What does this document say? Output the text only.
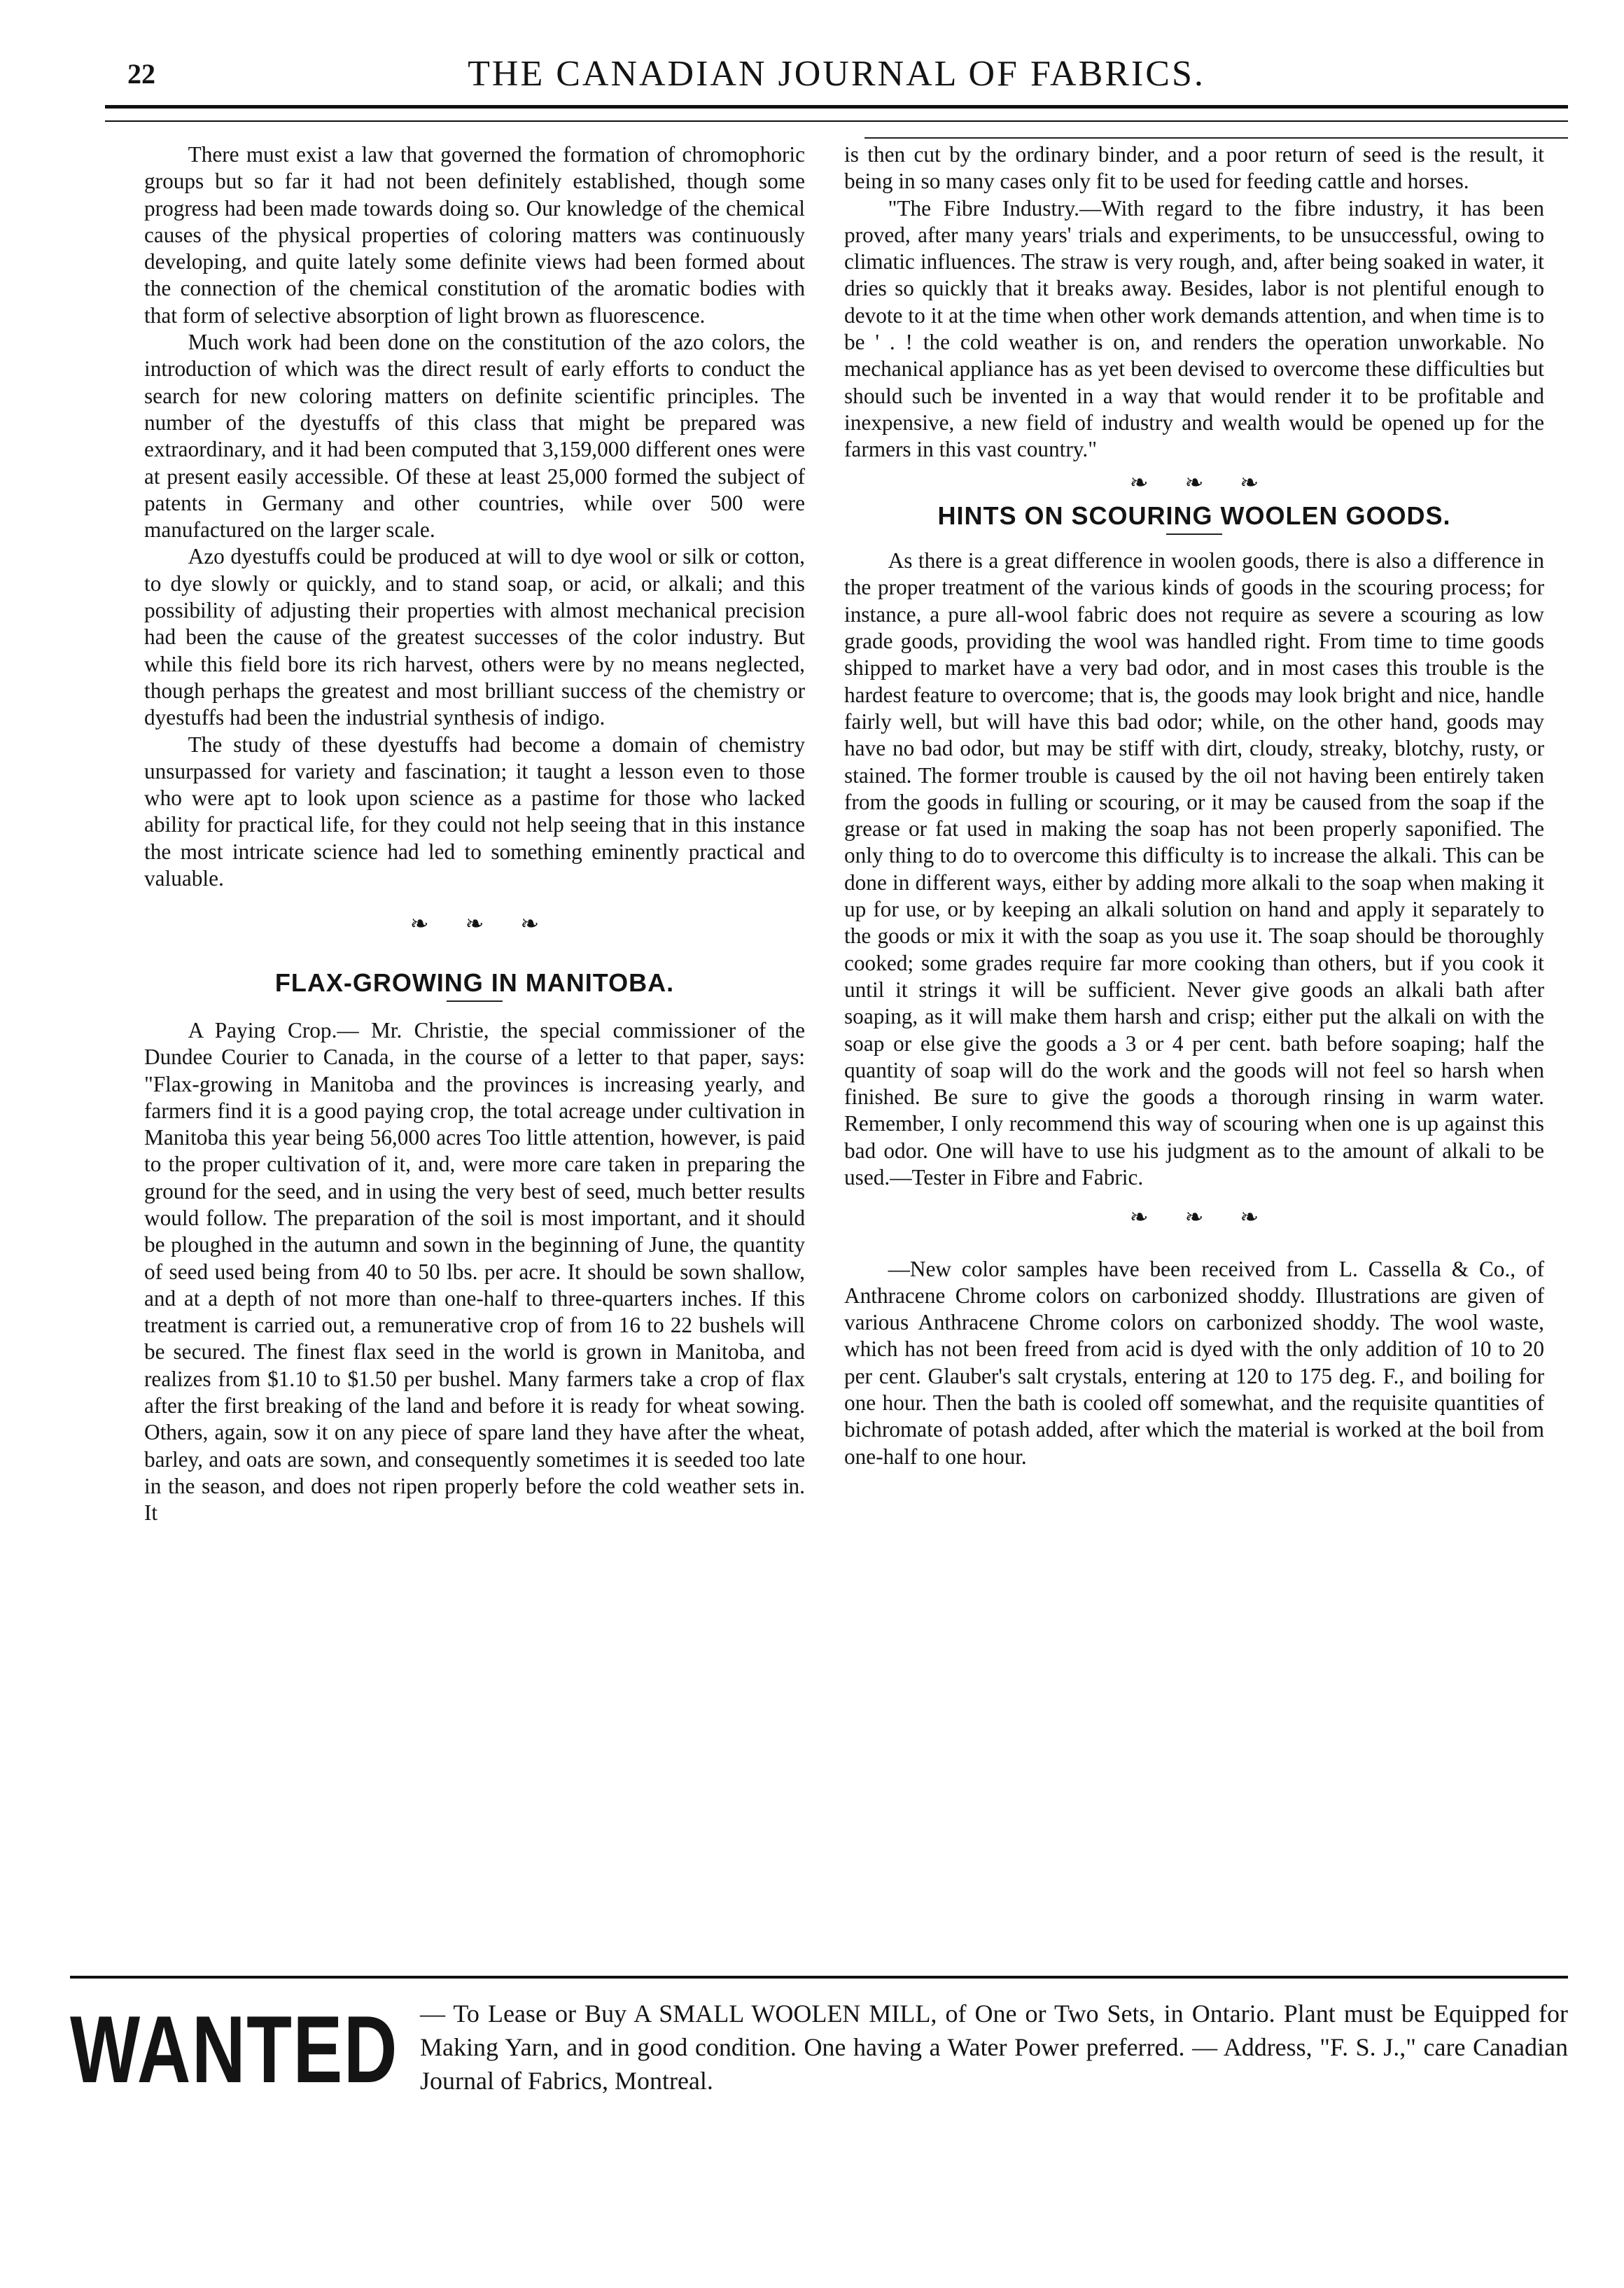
22	THE CANADIAN JOURNAL OF FABRICS.

There must exist a law that governed the formation of chromophoric groups but so far it had not been definitely established, though some progress had been made towards doing so. Our knowledge of the chemical causes of the physical properties of coloring matters was continuously developing, and quite lately some definite views had been formed about the connection of the chemical constitution of the aromatic bodies with that form of selective absorption of light brown as fluorescence.

Much work had been done on the constitution of the azo colors, the introduction of which was the direct result of early efforts to conduct the search for new coloring matters on definite scientific principles. The number of the dyestuffs of this class that might be prepared was extraordinary, and it had been computed that 3,159,000 different ones were at present easily accessible. Of these at least 25,000 formed the subject of patents in Germany and other countries, while over 500 were manufactured on the larger scale.

Azo dyestuffs could be produced at will to dye wool or silk or cotton, to dye slowly or quickly, and to stand soap, or acid, or alkali; and this possibility of adjusting their properties with almost mechanical precision had been the cause of the greatest successes of the color industry. But while this field bore its rich harvest, others were by no means neglected, though perhaps the greatest and most brilliant success of the chemistry or dyestuffs had been the industrial synthesis of indigo.

The study of these dyestuffs had become a domain of chemistry unsurpassed for variety and fascination; it taught a lesson even to those who were apt to look upon science as a pastime for those who lacked ability for practical life, for they could not help seeing that in this instance the most intricate science had led to something eminently practical and valuable.

❧ ❧ ❧
FLAX-GROWING IN MANITOBA.

A Paying Crop.— Mr. Christie, the special commissioner of the Dundee Courier to Canada, in the course of a letter to that paper, says: "Flax-growing in Manitoba and the provinces is increasing yearly, and farmers find it is a good paying crop, the total acreage under cultivation in Manitoba this year being 56,000 acres Too little attention, however, is paid to the proper cultivation of it, and, were more care taken in preparing the ground for the seed, and in using the very best of seed, much better results would follow. The preparation of the soil is most important, and it should be ploughed in the autumn and sown in the beginning of June, the quantity of seed used being from 40 to 50 lbs. per acre. It should be sown shallow, and at a depth of not more than one-half to three-quarters inches. If this treatment is carried out, a remunerative crop of from 16 to 22 bushels will be secured. The finest flax seed in the world is grown in Manitoba, and realizes from $1.10 to $1.50 per bushel. Many farmers take a crop of flax after the first breaking of the land and before it is ready for wheat sowing. Others, again, sow it on any piece of spare land they have after the wheat, barley, and oats are sown, and consequently sometimes it is seeded too late in the season, and does not ripen properly before the cold weather sets in. It

is then cut by the ordinary binder, and a poor return of seed is the result, it being in so many cases only fit to be used for feeding cattle and horses.

"The Fibre Industry.—With regard to the fibre industry, it has been proved, after many years' trials and experiments, to be unsuccessful, owing to climatic influences. The straw is very rough, and, after being soaked in water, it dries so quickly that it breaks away. Besides, labor is not plentiful enough to devote to it at the time when other work demands attention, and when time is to be ' . ! the cold weather is on, and renders the operation unworkable. No mechanical appliance has as yet been devised to overcome these difficulties but should such be invented in a way that would render it to be profitable and inexpensive, a new field of industry and wealth would be opened up for the farmers in this vast country."

❧ ❧ ❧
HINTS ON SCOURING WOOLEN GOODS.

As there is a great difference in woolen goods, there is also a difference in the proper treatment of the various kinds of goods in the scouring process; for instance, a pure all-wool fabric does not require as severe a scouring as low grade goods, providing the wool was handled right. From time to time goods shipped to market have a very bad odor, and in most cases this trouble is the hardest feature to overcome; that is, the goods may look bright and nice, handle fairly well, but will have this bad odor; while, on the other hand, goods may have no bad odor, but may be stiff with dirt, cloudy, streaky, blotchy, rusty, or stained. The former trouble is caused by the oil not having been entirely taken from the goods in fulling or scouring, or it may be caused from the soap if the grease or fat used in making the soap has not been properly saponified. The only thing to do to overcome this difficulty is to increase the alkali. This can be done in different ways, either by adding more alkali to the soap when making it up for use, or by keeping an alkali solution on hand and apply it separately to the goods or mix it with the soap as you use it. The soap should be thoroughly cooked; some grades require far more cooking than others, but if you cook it until it strings it will be sufficient. Never give goods an alkali bath after soaping, as it will make them harsh and crisp; either put the alkali on with the soap or else give the goods a 3 or 4 per cent. bath before soaping; half the quantity of soap will do the work and the goods will not feel so harsh when finished. Be sure to give the goods a thorough rinsing in warm water. Remember, I only recommend this way of scouring when one is up against this bad odor. One will have to use his judgment as to the amount of alkali to be used.—Tester in Fibre and Fabric.

❧ ❧ ❧

—New color samples have been received from L. Cassella & Co., of Anthracene Chrome colors on carbonized shoddy. Illustrations are given of various Anthracene Chrome colors on carbonized shoddy. The wool waste, which has not been freed from acid is dyed with the only addition of 10 to 20 per cent. Glauber's salt crystals, entering at 120 to 175 deg. F., and boiling for one hour. Then the bath is cooled off somewhat, and the requisite quantities of bichromate of potash added, after which the material is worked at the boil from one-half to one hour.

WANTED — To Lease or Buy A SMALL WOOLEN MILL, of One or Two Sets, in Ontario. Plant must be Equipped for Making Yarn, and in good condition. One having a Water Power preferred. — Address, "F. S. J.," care Canadian Journal of Fabrics, Montreal.
